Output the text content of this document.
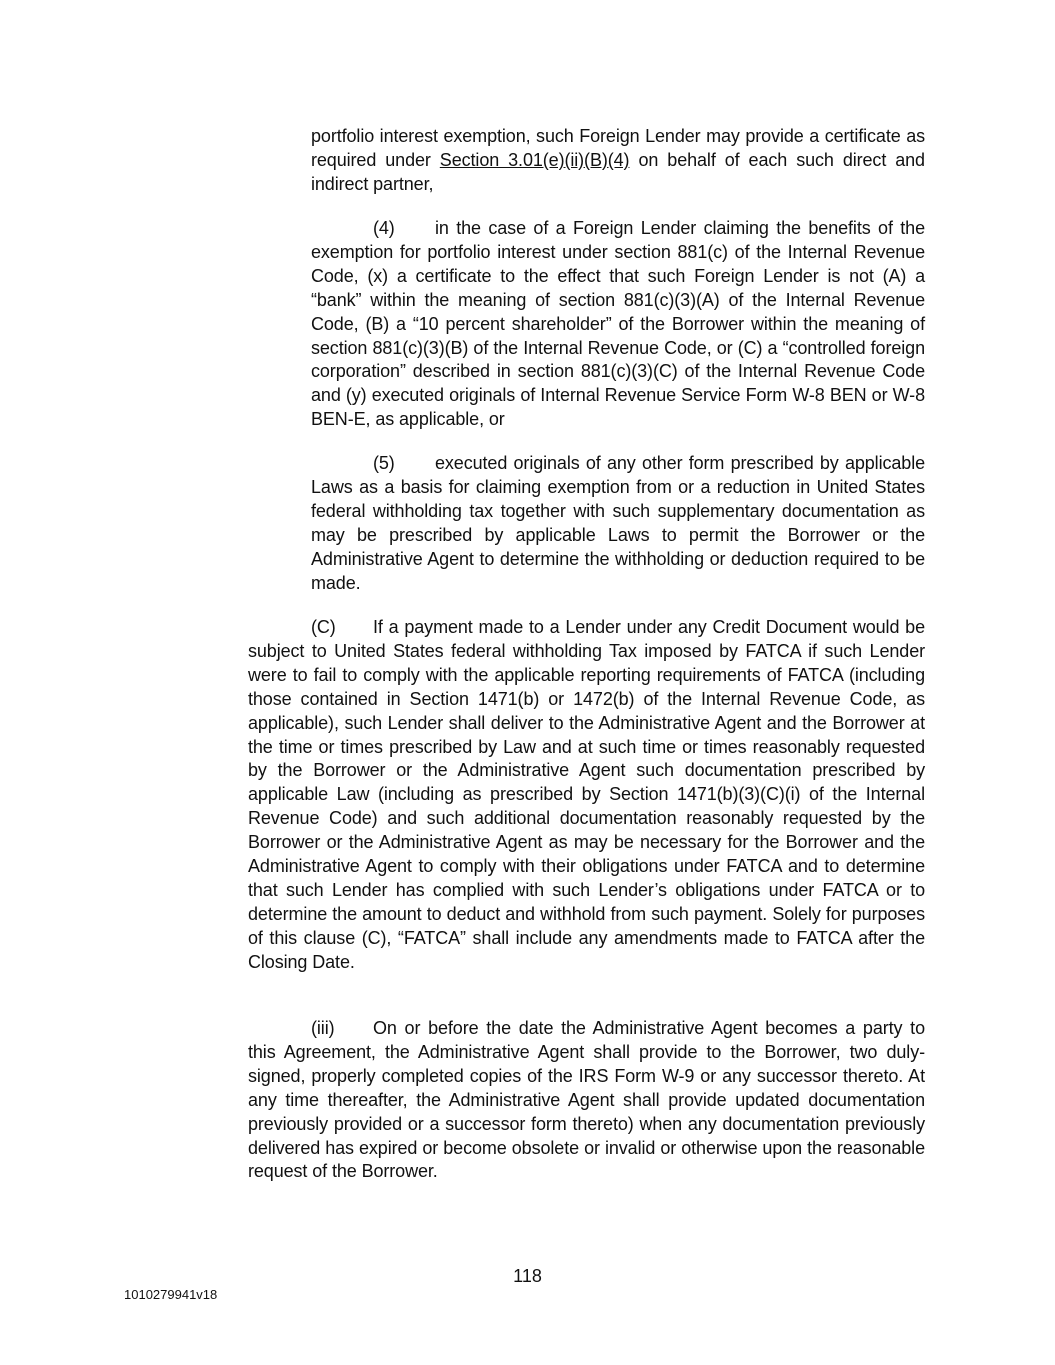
portfolio interest exemption, such Foreign Lender may provide a certificate as required under Section 3.01(e)(ii)(B)(4) on behalf of each such direct and indirect partner,

(4) in the case of a Foreign Lender claiming the benefits of the exemption for portfolio interest under section 881(c) of the Internal Revenue Code, (x) a certificate to the effect that such Foreign Lender is not (A) a “bank” within the meaning of section 881(c)(3)(A) of the Internal Revenue Code, (B) a “10 percent shareholder” of the Borrower within the meaning of section 881(c)(3)(B) of the Internal Revenue Code, or (C) a “controlled foreign corporation” described in section 881(c)(3)(C) of the Internal Revenue Code and (y) executed originals of Internal Revenue Service Form W-8 BEN or W-8 BEN-E, as applicable, or

(5) executed originals of any other form prescribed by applicable Laws as a basis for claiming exemption from or a reduction in United States federal withholding tax together with such supplementary documentation as may be prescribed by applicable Laws to permit the Borrower or the Administrative Agent to determine the withholding or deduction required to be made.

(C) If a payment made to a Lender under any Credit Document would be subject to United States federal withholding Tax imposed by FATCA if such Lender were to fail to comply with the applicable reporting requirements of FATCA (including those contained in Section 1471(b) or 1472(b) of the Internal Revenue Code, as applicable), such Lender shall deliver to the Administrative Agent and the Borrower at the time or times prescribed by Law and at such time or times reasonably requested by the Borrower or the Administrative Agent such documentation prescribed by applicable Law (including as prescribed by Section 1471(b)(3)(C)(i) of the Internal Revenue Code) and such additional documentation reasonably requested by the Borrower or the Administrative Agent as may be necessary for the Borrower and the Administrative Agent to comply with their obligations under FATCA and to determine that such Lender has complied with such Lender’s obligations under FATCA or to determine the amount to deduct and withhold from such payment. Solely for purposes of this clause (C), “FATCA” shall include any amendments made to FATCA after the Closing Date.

(iii) On or before the date the Administrative Agent becomes a party to this Agreement, the Administrative Agent shall provide to the Borrower, two duly-signed, properly completed copies of the IRS Form W-9 or any successor thereto. At any time thereafter, the Administrative Agent shall provide updated documentation previously provided or a successor form thereto) when any documentation previously delivered has expired or become obsolete or invalid or otherwise upon the reasonable request of the Borrower.

118
1010279941v18
